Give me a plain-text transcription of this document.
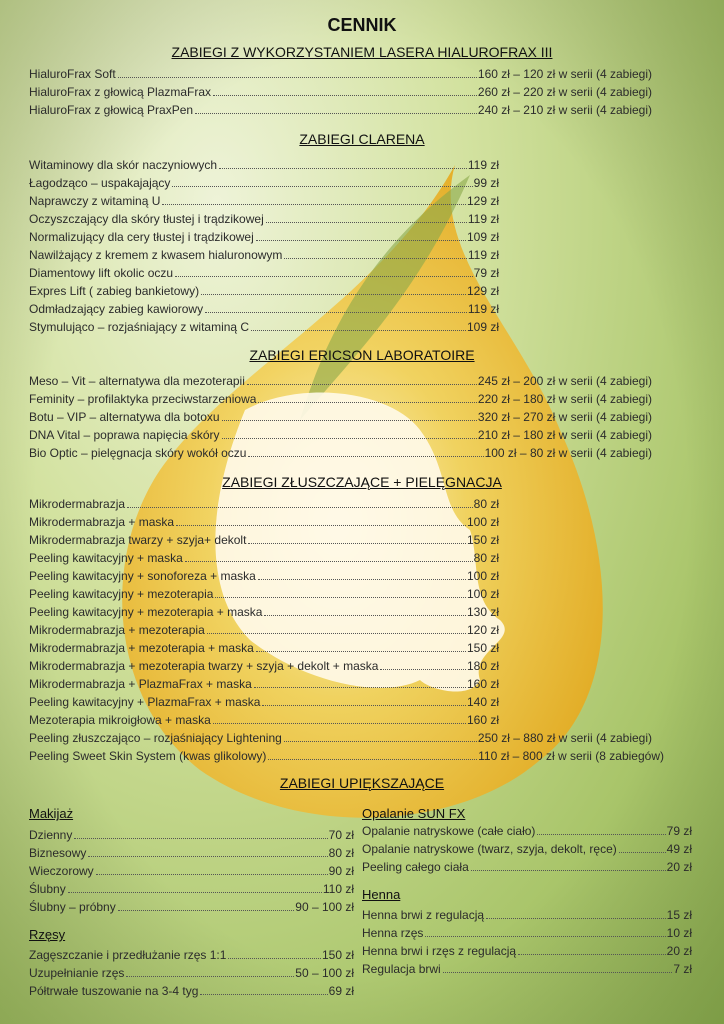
CENNIK
ZABIEGI Z WYKORZYSTANIEM LASERA HIALUROFRAX III
HialuroFrax Soft	160 zł – 120 zł w serii (4 zabiegi)
HialuroFrax z głowicą PlazmaFrax	260 zł – 220 zł w serii (4 zabiegi)
HialuroFrax z głowicą PraxPen	240 zł – 210 zł w serii (4 zabiegi)
ZABIEGI CLARENA
Witaminowy dla skór naczyniowych	119 zł
Łagodząco – uspakajający	99 zł
Naprawczy z witaminą U	129 zł
Oczyszczający dla skóry tłustej i trądzikowej	119 zł
Normalizujący dla cery tłustej i trądzikowej	109 zł
Nawilżający z kremem z kwasem hialuronowym	119 zł
Diamentowy lift okolic oczu	79 zł
Expres Lift ( zabieg bankietowy)	129 zł
Odmładzający zabieg kawiorowy	119 zł
Stymulująco – rozjaśniający z witaminą C	109 zł
ZABIEGI ERICSON LABORATOIRE
Meso – Vit – alternatywa dla mezoterapii	245 zł – 200 zł w serii (4 zabiegi)
Feminity – profilaktyka przeciwstarzeniowa	220 zł – 180 zł w serii (4 zabiegi)
Botu – VIP – alternatywa dla botoxu	320 zł – 270 zł w serii (4 zabiegi)
DNA Vital – poprawa napięcia skóry	210 zł – 180 zł w serii (4 zabiegi)
Bio Optic – pielęgnacja skóry wokół oczu	100 zł – 80 zł w serii (4 zabiegi)
ZABIEGI ZŁUSZCZAJĄCE + PIELĘGNACJA
Mikrodermabrazja	80 zł
Mikrodermabrazja + maska	100 zł
Mikrodermabrazja twarzy + szyja+ dekolt	150 zł
Peeling kawitacyjny + maska	80 zł
Peeling kawitacyjny + sonoforeza + maska	100 zł
Peeling kawitacyjny + mezoterapia	100 zł
Peeling kawitacyjny + mezoterapia + maska	130 zł
Mikrodermabrazja + mezoterapia	120 zł
Mikrodermabrazja + mezoterapia + maska	150 zł
Mikrodermabrazja + mezoterapia twarzy + szyja + dekolt + maska	180 zł
Mikrodermabrazja + PlazmaFrax + maska	160 zł
Peeling kawitacyjny + PlazmaFrax + maska	140 zł
Mezoterapia mikroigłowa + maska	160 zł
Peeling złuszczająco – rozjaśniający Lightening	250 zł – 880 zł w serii (4 zabiegi)
Peeling Sweet Skin System (kwas glikolowy)	110 zł – 800 zł w serii (8 zabiegów)
ZABIEGI UPIĘKSZAJĄCE
Makijaż
Dzienny	70 zł
Biznesowy	80 zł
Wieczorowy	90 zł
Ślubny	110 zł
Ślubny – próbny	90 – 100 zł
Rzęsy
Zagęszczanie i przedłużanie rzęs 1:1	150 zł
Uzupełnianie rzęs	50 – 100 zł
Półtrwałe tuszowanie na 3-4 tyg	69 zł
Opalanie SUN FX
Opalanie natryskowe (całe ciało)	79 zł
Opalanie natryskowe (twarz, szyja, dekolt, ręce)	49 zł
Peeling całego ciała	20 zł
Henna
Henna brwi z regulacją	15 zł
Henna rzęs	10 zł
Henna brwi i rzęs z regulacją	20 zł
Regulacja brwi	7 zł
